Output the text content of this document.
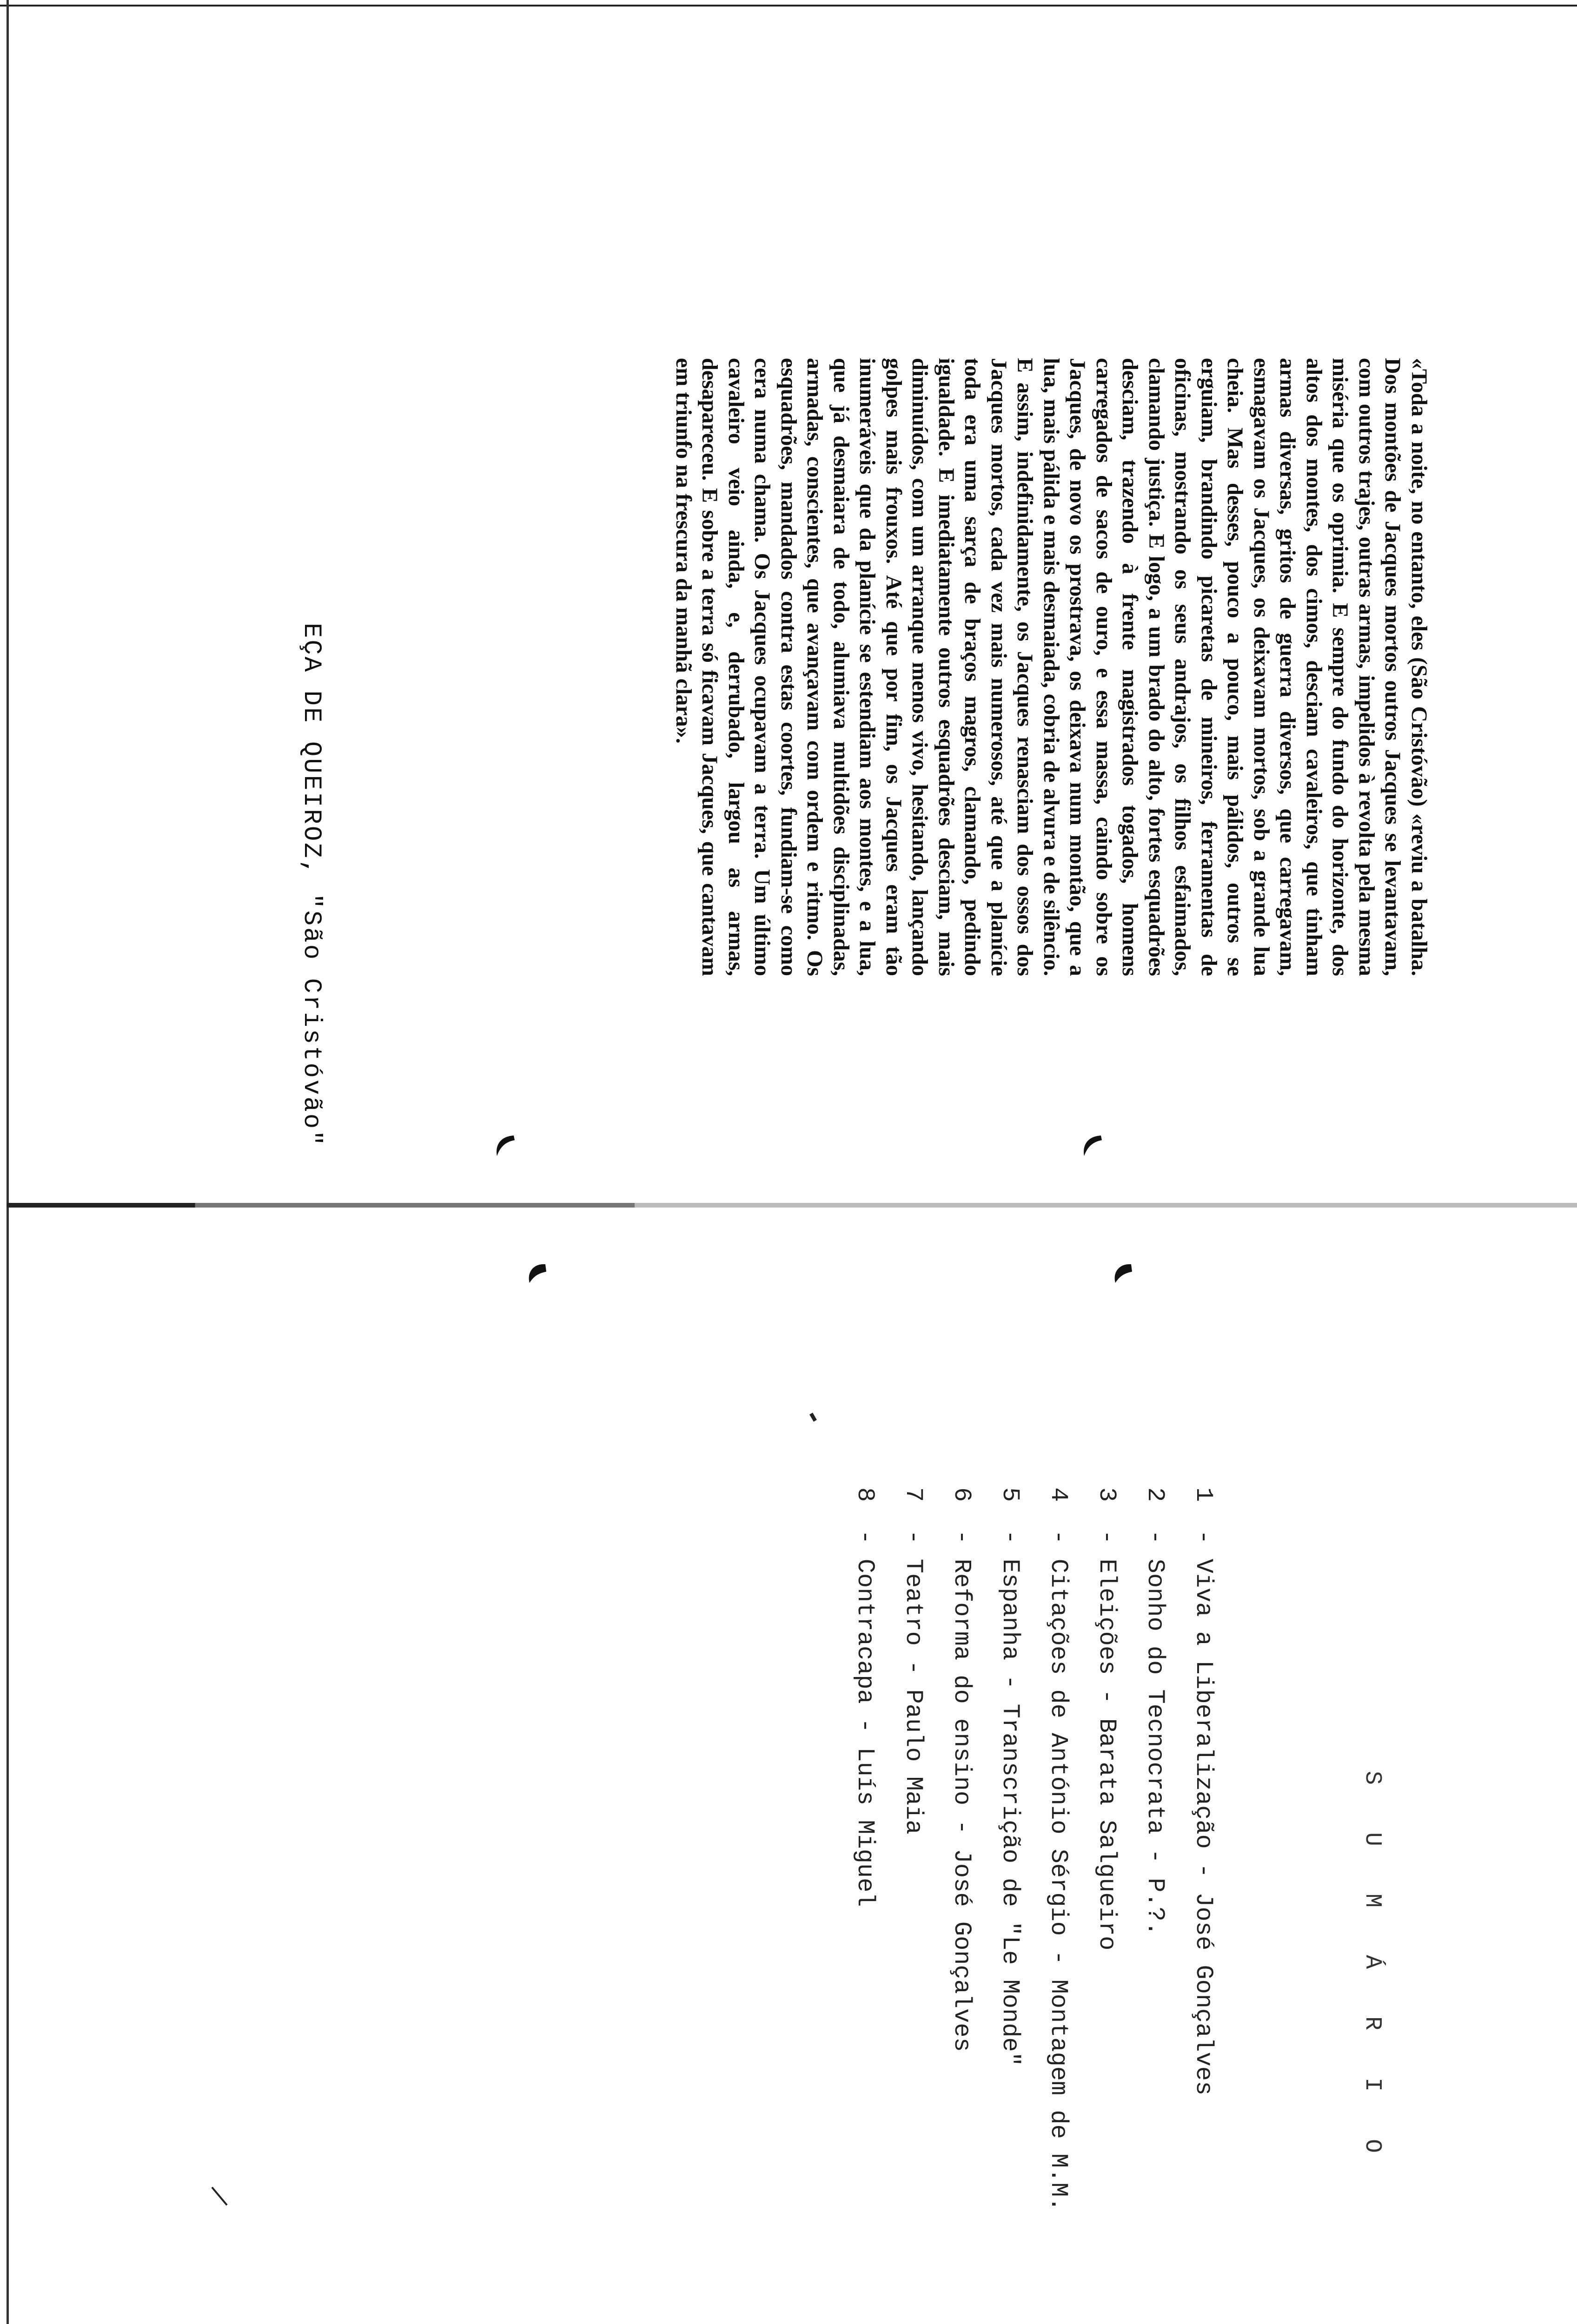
«Toda a noite, no entanto, eles (São Cristóvão) «reviu a batalha. Dos montões de Jacques mortos outros Jacques se levantavam, com outros trajes, outras armas, impelidos à revolta pela mesma miséria que os oprimia. E sempre do fundo do horizonte, dos altos dos montes, dos cimos, desciam cavaleiros, que tinham armas diversas, gritos de guerra diversos, que carregavam, esmagavam os Jacques, os deixavam mortos, sob a grande lua cheia. Mas desses, pouco a pouco, mais pálidos, outros se erguiam, brandindo picaretas de mineiros, ferramentas de oficinas, mostrando os seus andrajos, os filhos esfaimados, clamando justiça. E logo, a um brado do alto, fortes esquadrões desciam, trazendo à frente magistrados togados, homens carregados de sacos de ouro, e essa massa, caindo sobre os Jacques, de novo os prostrava, os deixava num montão, que a lua, mais pálida e mais desmaiada, cobria de alvura e de silêncio. E assim, indefinidamente, os Jacques renasciam dos ossos dos Jacques mortos, cada vez mais numerosos, até que a planície toda era uma sarça de braços magros, clamando, pedindo igualdade. E imediatamente outros esquadrões desciam, mais diminuídos, com um arranque menos vivo, hesitando, lançando golpes mais frouxos. Até que por fim, os Jacques eram tão inumeráveis que da planície se estendiam aos montes, e a lua, que já desmaiara de todo, alumiava multidões disciplinadas, armadas, conscientes, que avançavam com ordem e ritmo. Os esquadrões, mandados contra estas coortes, fundiam-se como cera numa chama. Os Jacques ocupavam a terra. Um último cavaleiro veio ainda, e, derrubado, largou as armas, desapareceu. E sobre a terra só ficavam Jacques, que cantavam em triunfo na frescura da manhã clara».
EÇA DE QUEIROZ, "São Cristóvão"
S U M Á R I O
1 - Viva a Liberalização - José Gonçalves
2 - Sonho do Tecnocrata - P.?.
3 - Eleições - Barata Salgueiro
4 - Citações de António Sérgio - Montagem de M.M.
5 - Espanha - Transcrição de "Le Monde"
6 - Reforma do ensino - José Gonçalves
7 - Teatro - Paulo Maia
8 - Contracapa - Luís Miguel
